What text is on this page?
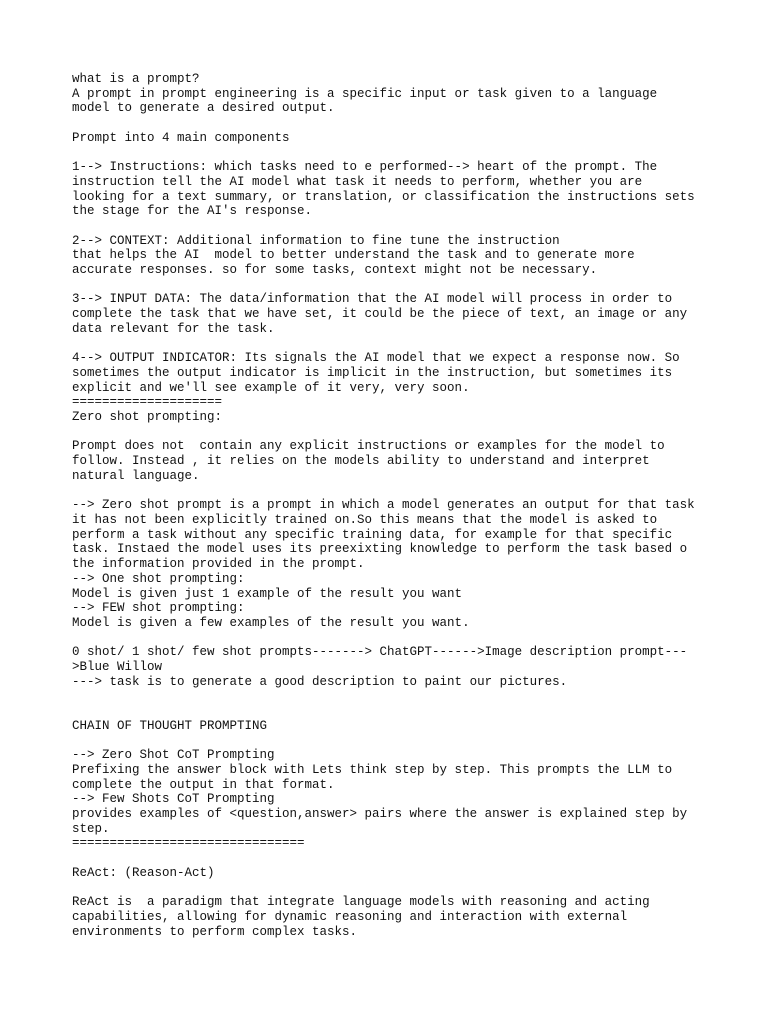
what is a prompt?
A prompt in prompt engineering is a specific input or task given to a language
model to generate a desired output.
Prompt into 4 main components
1--> Instructions: which tasks need to e performed--> heart of the prompt. The
instruction tell the AI model what task it needs to perform, whether you are
looking for a text summary, or translation, or classification the instructions sets
the stage for the AI's response.
2--> CONTEXT: Additional information to fine tune the instruction
that helps the AI  model to better understand the task and to generate more
accurate responses. so for some tasks, context might not be necessary.
3--> INPUT DATA: The data/information that the AI model will process in order to
complete the task that we have set, it could be the piece of text, an image or any
data relevant for the task.
4--> OUTPUT INDICATOR: Its signals the AI model that we expect a response now. So
sometimes the output indicator is implicit in the instruction, but sometimes its
explicit and we'll see example of it very, very soon.
====================
Zero shot prompting:
Prompt does not  contain any explicit instructions or examples for the model to
follow. Instead , it relies on the models ability to understand and interpret
natural language.
--> Zero shot prompt is a prompt in which a model generates an output for that task
it has not been explicitly trained on.So this means that the model is asked to
perform a task without any specific training data, for example for that specific
task. Instaed the model uses its preexixting knowledge to perform the task based o
the information provided in the prompt.
--> One shot prompting:
Model is given just 1 example of the result you want
--> FEW shot prompting:
Model is given a few examples of the result you want.
0 shot/ 1 shot/ few shot prompts-------> ChatGPT------>Image description prompt---
>Blue Willow
---> task is to generate a good description to paint our pictures.
CHAIN OF THOUGHT PROMPTING
--> Zero Shot CoT Prompting
Prefixing the answer block with Lets think step by step. This prompts the LLM to
complete the output in that format.
--> Few Shots CoT Prompting
provides examples of <question,answer> pairs where the answer is explained step by
step.
===============================
ReAct: (Reason-Act)
ReAct is  a paradigm that integrate language models with reasoning and acting
capabilities, allowing for dynamic reasoning and interaction with external
environments to perform complex tasks.
